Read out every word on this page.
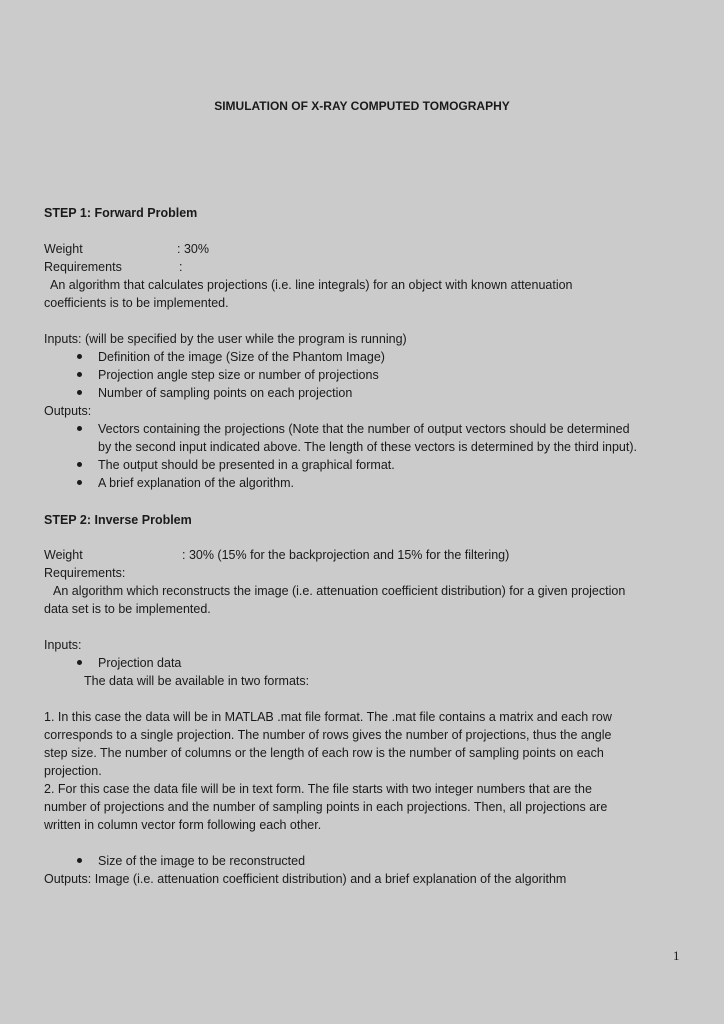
SIMULATION OF X-RAY COMPUTED TOMOGRAPHY
STEP 1: Forward Problem
Weight	: 30%
Requirements	:
An algorithm that calculates projections (i.e. line integrals) for an object with known attenuation
coefficients is to be implemented.
Inputs: (will be specified by the user while the program is running)
Definition of the image (Size of the Phantom Image)
Projection angle step size or number of projections
Number of sampling points on each projection
Outputs:
Vectors containing the projections (Note that the number of output vectors should be determined
by the second input indicated above. The length of these vectors is determined by the third input).
The output should be presented in a graphical format.
A brief explanation of the algorithm.
STEP 2: Inverse Problem
Weight	: 30% (15% for the backprojection and 15% for the filtering)
Requirements:
An algorithm which reconstructs the image (i.e. attenuation coefficient distribution) for a given projection
data set is to be implemented.
Inputs:
Projection data
The data will be available in two formats:
1. In this case the data will be in MATLAB .mat file format. The .mat file contains a matrix and each row
corresponds to a single projection. The number of rows gives the number of projections, thus the angle
step size. The number of columns or the length of each row is the number of sampling points on each
projection.
2. For this case the data file will be in text form. The file starts with two integer numbers that are the
number of projections and the number of sampling points in each projections. Then, all projections are
written in column vector form following each other.
Size of the image to be reconstructed
Outputs: Image (i.e. attenuation coefficient distribution) and a brief explanation of the algorithm
1
